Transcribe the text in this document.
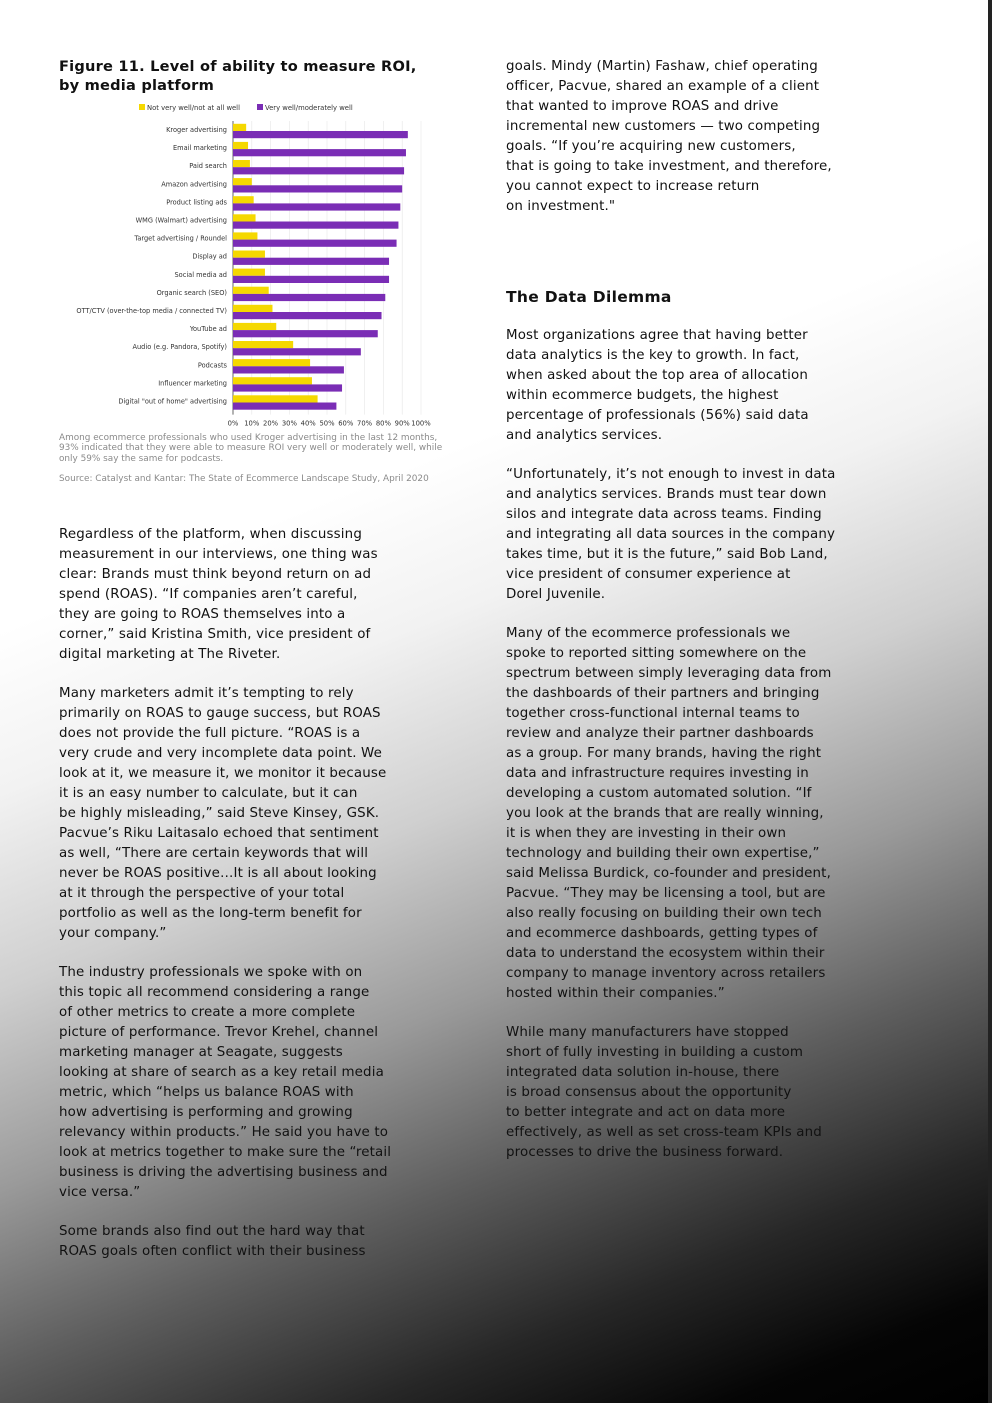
Figure 11. Level of ability to measure ROI,
by media platform
Not very well/not at all well	Very well/moderately well
0% 10% 20% 30% 40% 50% 60% 70% 80% 90% 100%
Kroger advertising
Email marketing
Paid search
Amazon advertising
Product listing ads
WMG (Walmart) advertising
Target advertising / Roundel
Display ad
Social media ad
Organic search (SEO)
OTT/CTV (over-the-top media / connected TV)
YouTube ad
Audio (e.g. Pandora, Spotify)
Podcasts
Influencer marketing
Digital "out of home" advertising
Among ecommerce professionals who used Kroger advertising in the last 12 months, 93% indicated that they were able to measure ROI very well or moderately well, while only 59% say the same for podcasts.
Source: Catalyst and Kantar: The State of Ecommerce Landscape Study, April 2020

Regardless of the platform, when discussing
measurement in our interviews, one thing was
clear: Brands must think beyond return on ad
spend (ROAS). “If companies aren’t careful,
they are going to ROAS themselves into a
corner,” said Kristina Smith, vice president of
digital marketing at The Riveter.

Many marketers admit it’s tempting to rely
primarily on ROAS to gauge success, but ROAS
does not provide the full picture. “ROAS is a
very crude and very incomplete data point. We
look at it, we measure it, we monitor it because
it is an easy number to calculate, but it can
be highly misleading,” said Steve Kinsey, GSK.
Pacvue’s Riku Laitasalo echoed that sentiment
as well, “There are certain keywords that will
never be ROAS positive…It is all about looking
at it through the perspective of your total
portfolio as well as the long-term benefit for
your company.”

The industry professionals we spoke with on
this topic all recommend considering a range
of other metrics to create a more complete
picture of performance. Trevor Krehel, channel
marketing manager at Seagate, suggests
looking at share of search as a key retail media
metric, which “helps us balance ROAS with
how advertising is performing and growing
relevancy within products.” He said you have to
look at metrics together to make sure the “retail
business is driving the advertising business and
vice versa.”

Some brands also find out the hard way that
ROAS goals often conflict with their business

goals. Mindy (Martin) Fashaw, chief operating
officer, Pacvue, shared an example of a client
that wanted to improve ROAS and drive
incremental new customers — two competing
goals. “If you’re acquiring new customers,
that is going to take investment, and therefore,
you cannot expect to increase return
on investment."

The Data Dilemma

Most organizations agree that having better
data analytics is the key to growth. In fact,
when asked about the top area of allocation
within ecommerce budgets, the highest
percentage of professionals (56%) said data
and analytics services.

“Unfortunately, it’s not enough to invest in data
and analytics services. Brands must tear down
silos and integrate data across teams. Finding
and integrating all data sources in the company
takes time, but it is the future,” said Bob Land,
vice president of consumer experience at
Dorel Juvenile.

Many of the ecommerce professionals we
spoke to reported sitting somewhere on the
spectrum between simply leveraging data from
the dashboards of their partners and bringing
together cross-functional internal teams to
review and analyze their partner dashboards
as a group. For many brands, having the right
data and infrastructure requires investing in
developing a custom automated solution. “If
you look at the brands that are really winning,
it is when they are investing in their own
technology and building their own expertise,”
said Melissa Burdick, co-founder and president,
Pacvue. “They may be licensing a tool, but are
also really focusing on building their own tech
and ecommerce dashboards, getting types of
data to understand the ecosystem within their
company to manage inventory across retailers
hosted within their companies.”

While many manufacturers have stopped
short of fully investing in building a custom
integrated data solution in-house, there
is broad consensus about the opportunity
to better integrate and act on data more
effectively, as well as set cross-team KPIs and
processes to drive the business forward.
